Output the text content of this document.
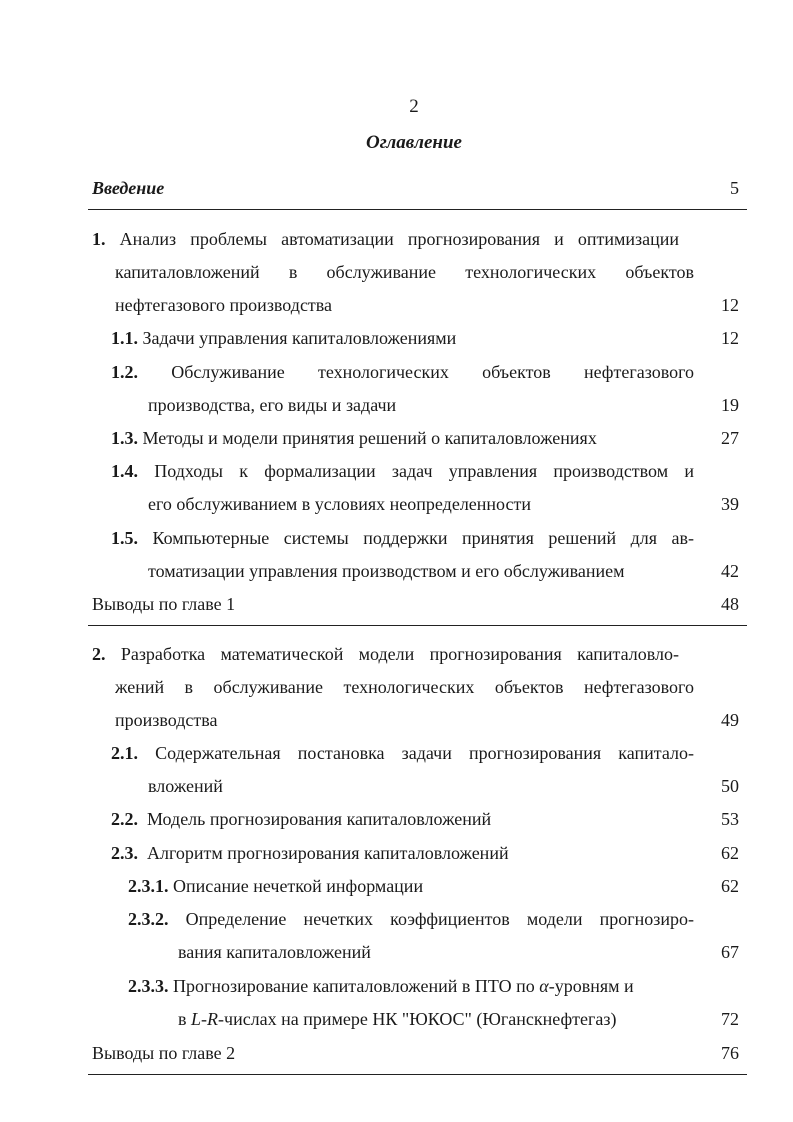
2
Оглавление
Введение	5
1. Анализ проблемы автоматизации прогнозирования и оптимизации
капиталовложений в обслуживание технологических объектов
нефтегазового производства	12
1.1. Задачи управления капиталовложениями	12
1.2. Обслуживание технологических объектов нефтегазового
производства, его виды и задачи	19
1.3. Методы и модели принятия решений о капиталовложениях	27
1.4. Подходы к формализации задач управления производством и
его обслуживанием в условиях неопределенности	39
1.5. Компьютерные системы поддержки принятия решений для ав-
томатизации управления производством и его обслуживанием	42
Выводы по главе 1	48
2. Разработка математической модели прогнозирования капиталовло-
жений в обслуживание технологических объектов нефтегазового
производства	49
2.1. Содержательная постановка задачи прогнозирования капитало-
вложений	50
2.2. Модель прогнозирования капиталовложений	53
2.3. Алгоритм прогнозирования капиталовложений	62
2.3.1. Описание нечеткой информации	62
2.3.2. Определение нечетких коэффициентов модели прогнозиро-
вания капиталовложений	67
2.3.3. Прогнозирование капиталовложений в ПТО по α-уровням и
в L-R-числах на примере НК "ЮКОС" (Юганскнефтегаз)	72
Выводы по главе 2	76
